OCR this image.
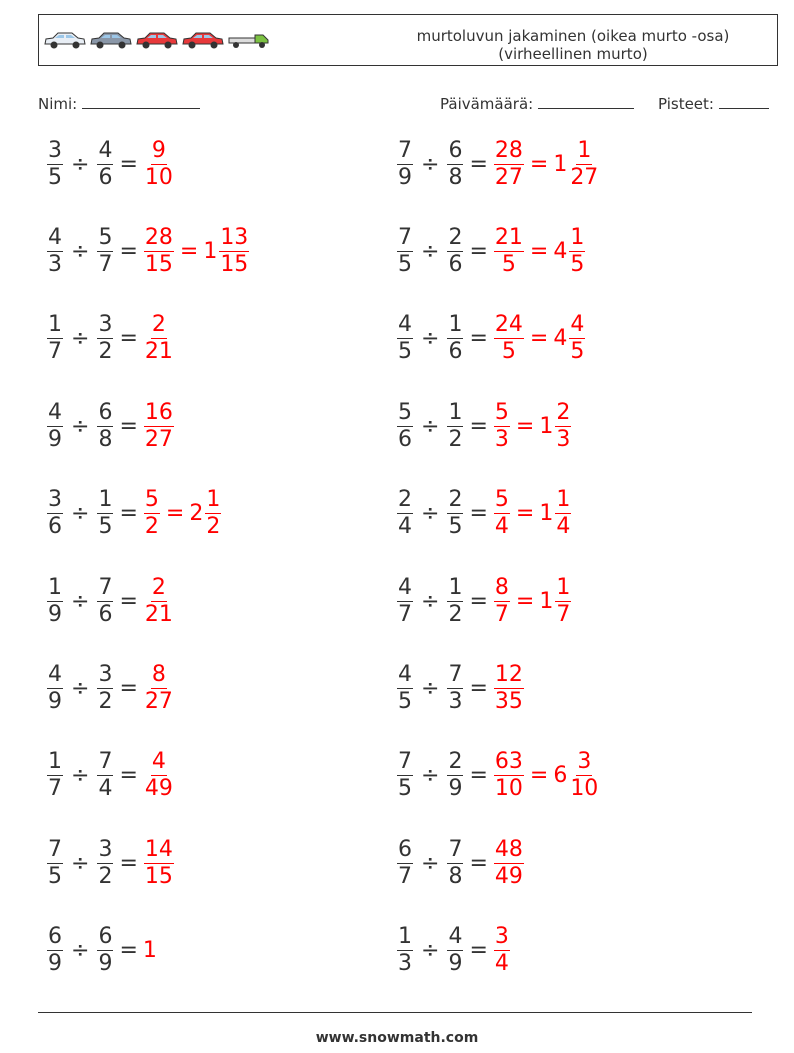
murtoluvun jakaminen (oikea murto -osa)
(virheellinen murto)
Nimi:	Päivämäärä:	Pisteet:
$\frac{3}{5} \div \frac{4}{6} = \frac{9}{10}$
$\frac{4}{3} \div \frac{5}{7} = \frac{28}{15} = 1 \frac{13}{15}$
$\frac{1}{7} \div \frac{3}{2} = \frac{2}{21}$
$\frac{4}{9} \div \frac{6}{8} = \frac{16}{27}$
$\frac{3}{6} \div \frac{1}{5} = \frac{5}{2} = 2 \frac{1}{2}$
$\frac{1}{9} \div \frac{7}{6} = \frac{2}{21}$
$\frac{4}{9} \div \frac{3}{2} = \frac{8}{27}$
$\frac{1}{7} \div \frac{7}{4} = \frac{4}{49}$
$\frac{7}{5} \div \frac{3}{2} = \frac{14}{15}$
$\frac{6}{9} \div \frac{6}{9} = 1$
$\frac{7}{9} \div \frac{6}{8} = \frac{28}{27} = 1 \frac{1}{27}$
$\frac{7}{5} \div \frac{2}{6} = \frac{21}{5} = 4 \frac{1}{5}$
$\frac{4}{5} \div \frac{1}{6} = \frac{24}{5} = 4 \frac{4}{5}$
$\frac{5}{6} \div \frac{1}{2} = \frac{5}{3} = 1 \frac{2}{3}$
$\frac{2}{4} \div \frac{2}{5} = \frac{5}{4} = 1 \frac{1}{4}$
$\frac{4}{7} \div \frac{1}{2} = \frac{8}{7} = 1 \frac{1}{7}$
$\frac{4}{5} \div \frac{7}{3} = \frac{12}{35}$
$\frac{7}{5} \div \frac{2}{9} = \frac{63}{10} = 6 \frac{3}{10}$
$\frac{6}{7} \div \frac{7}{8} = \frac{48}{49}$
$\frac{1}{3} \div \frac{4}{9} = \frac{3}{4}$
www.snowmath.com
